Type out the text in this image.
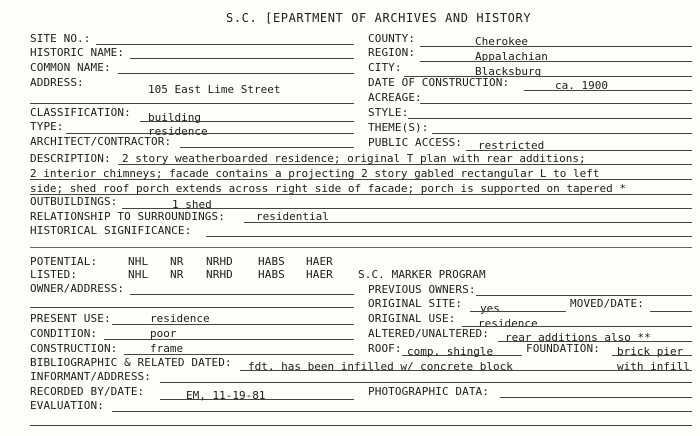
S.C. [EPARTMENT OF ARCHIVES AND HISTORY
SITE NO.:
HISTORIC NAME:
COMMON NAME:
ADDRESS:
105 East Lime Street
COUNTY:	Cherokee
REGION:	Appalachian
CITY:	Blacksburg
DATE OF CONSTRUCTION:	ca. 1900
ACREAGE:
CLASSIFICATION: building
TYPE:	residence
ARCHITECT/CONTRACTOR:
STYLE:
THEME(S):
PUBLIC ACCESS: restricted
DESCRIPTION: 2 story weatherboarded residence; original T plan with rear additions;
2 interior chimneys; facade contains a projecting 2 story gabled rectangular L to left
side; shed roof porch extends across right side of facade; porch is supported on tapered *
OUTBUILDINGS:	1 shed
RELATIONSHIP TO SURROUNDINGS:	residential
HISTORICAL SIGNIFICANCE:
POTENTIAL:	NHL NR NRHD HABS HAER
LISTED:	NHL NR NRHD HABS HAER S.C. MARKER PROGRAM
OWNER/ADDRESS:	PREVIOUS OWNERS:
ORIGINAL SITE: yes	MOVED/DATE:
PRESENT USE:	residence
CONDITION:	poor
CONSTRUCTION:	frame
ORIGINAL USE: residence
ALTERED/UNALTERED: rear additions also **
ROOF: comp. shingle	FOUNDATION: brick pier
BIBLIOGRAPHIC & RELATED DATED: fdt. has been infilled w/ concrete block	with infill
INFORMANT/ADDRESS:
RECORDED BY/DATE:	EM, 11-19-81	PHOTOGRAPHIC DATA:
EVALUATION:
